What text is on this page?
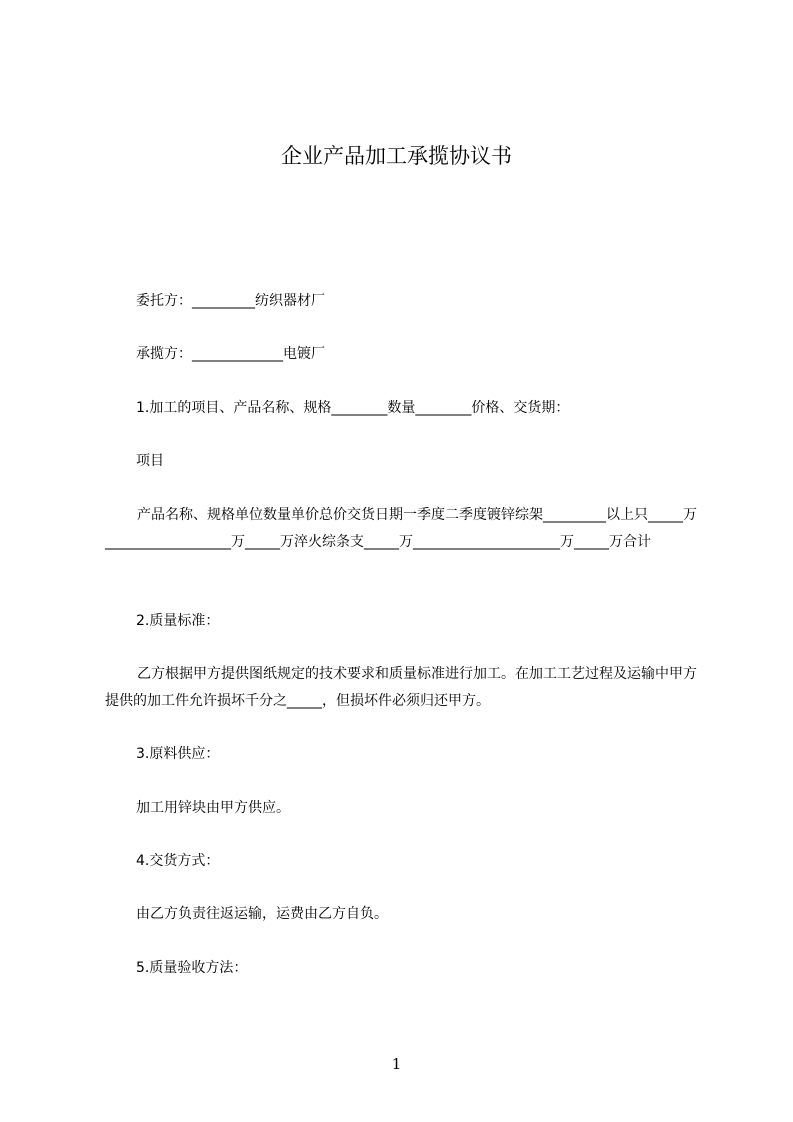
企业产品加工承揽协议书
委托方：_________纺织器材厂
承揽方：_____________电镀厂
1.加工的项目、产品名称、规格________数量________价格、交货期：
项目
产品名称、规格单位数量单价总价交货日期一季度二季度镀锌综架_________以上只_____万__________________万_____万淬火综条支_____万_____________________万_____万合计
2.质量标准：
乙方根据甲方提供图纸规定的技术要求和质量标准进行加工。在加工工艺过程及运输中甲方提供的加工件允许损坏千分之_____，但损坏件必须归还甲方。
3.原料供应：
加工用锌块由甲方供应。
4.交货方式：
由乙方负责往返运输，运费由乙方自负。
5.质量验收方法：
1
